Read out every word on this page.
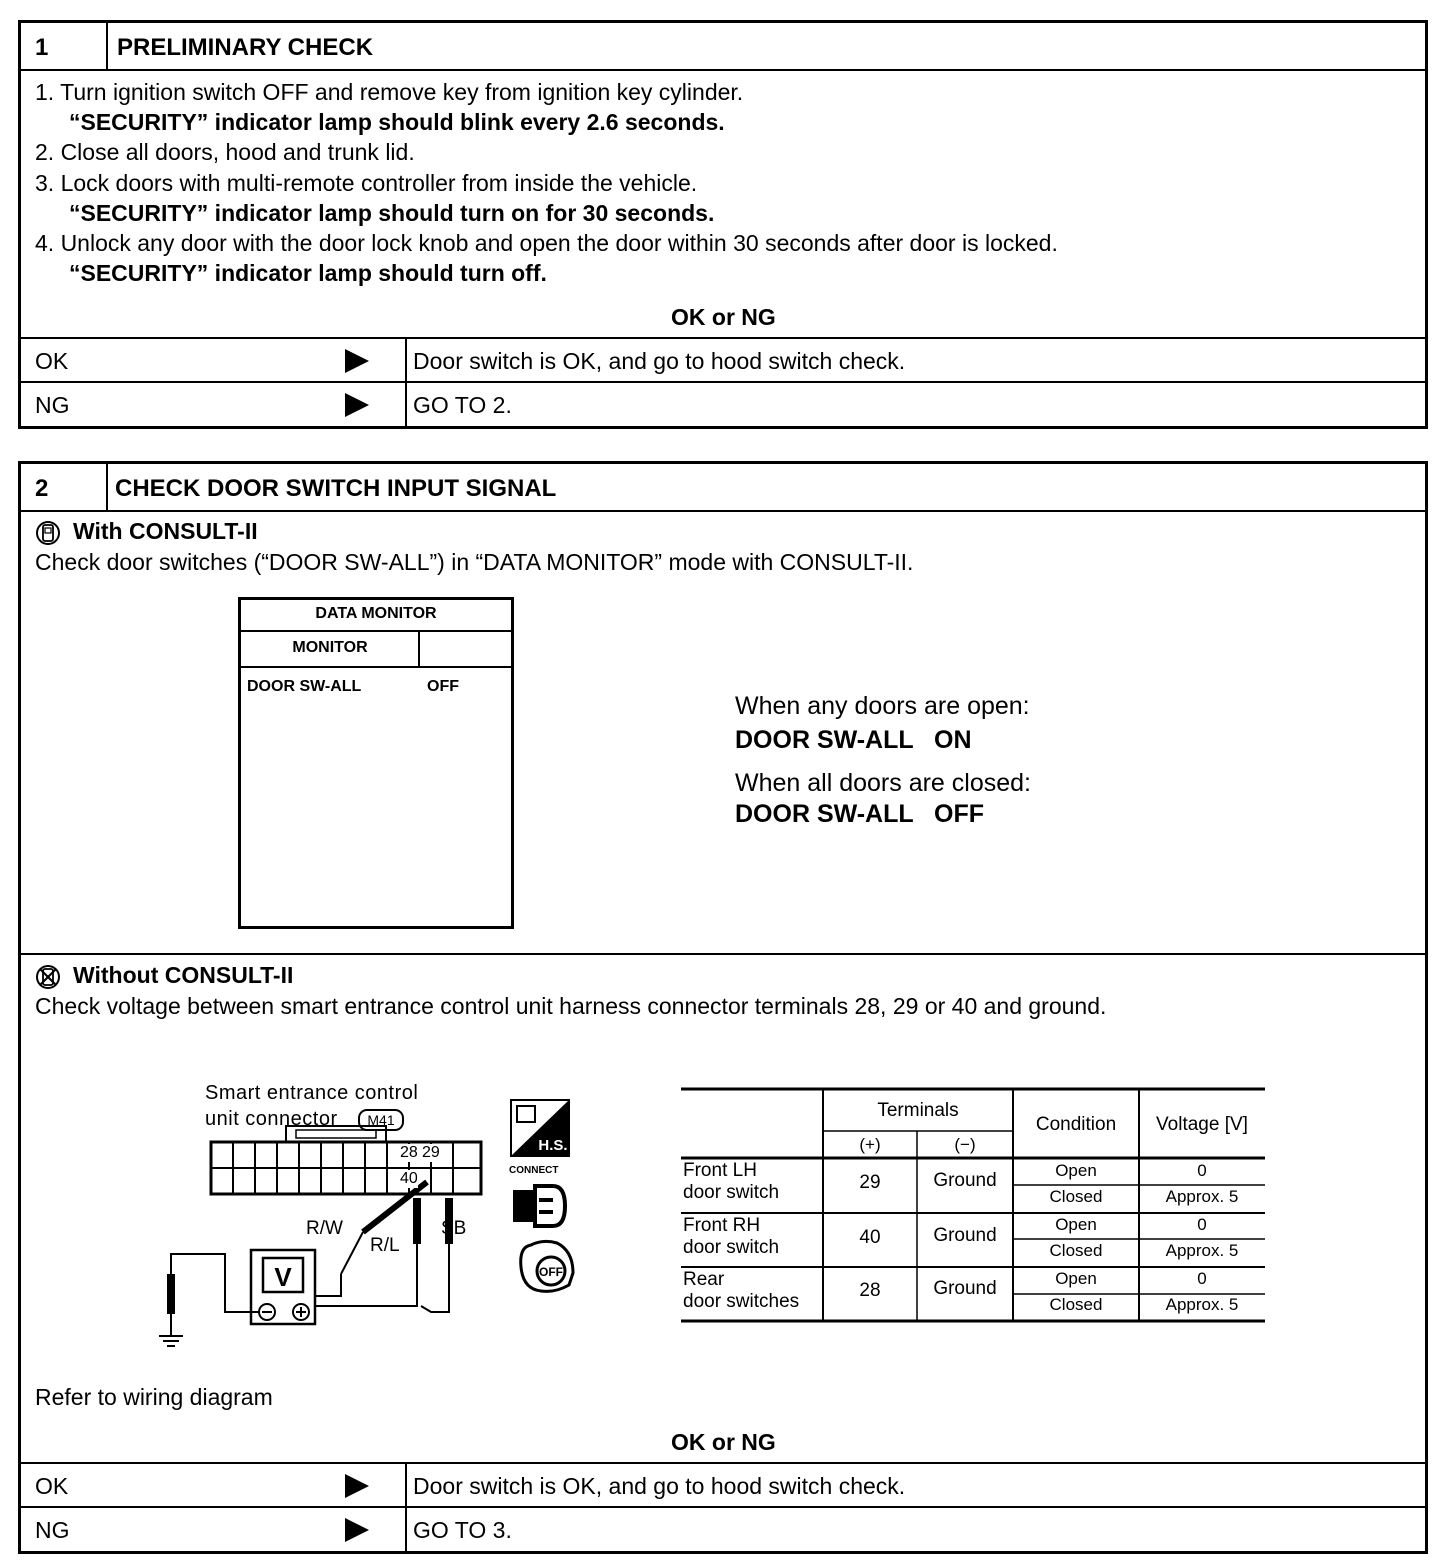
1	PRELIMINARY CHECK
1. Turn ignition switch OFF and remove key from ignition key cylinder.
“SECURITY” indicator lamp should blink every 2.6 seconds.
2. Close all doors, hood and trunk lid.
3. Lock doors with multi-remote controller from inside the vehicle.
“SECURITY” indicator lamp should turn on for 30 seconds.
4. Unlock any door with the door lock knob and open the door within 30 seconds after door is locked.
“SECURITY” indicator lamp should turn off.
OK or NG
OK	Door switch is OK, and go to hood switch check.
NG	GO TO 2.
2	CHECK DOOR SWITCH INPUT SIGNAL
With CONSULT-II
Check door switches (“DOOR SW-ALL”) in “DATA MONITOR” mode with CONSULT-II.
DATA MONITOR
MONITOR
DOOR SW-ALL	OFF
When any doors are open:
DOOR SW-ALL   ON
When all doors are closed:
DOOR SW-ALL   OFF
Without CONSULT-II
Check voltage between smart entrance control unit harness connector terminals 28, 29 or 40 and ground.
Smart entrance control
unit connector	M41
V
28 29
40
R/W
R/L
SB
H.S.
CONNECT
OFF
Terminals
(+)	(−)
Condition	Voltage [V]
Front LH
door switch	29	Ground	Open	0
Closed	Approx. 5
Front RH
door switch	40	Ground
Open	0
Closed	Approx. 5
Rear
door switches
28	Ground	Open	0
Closed	Approx. 5
Refer to wiring diagram
OK or NG
OK	Door switch is OK, and go to hood switch check.
NG	GO TO 3.
